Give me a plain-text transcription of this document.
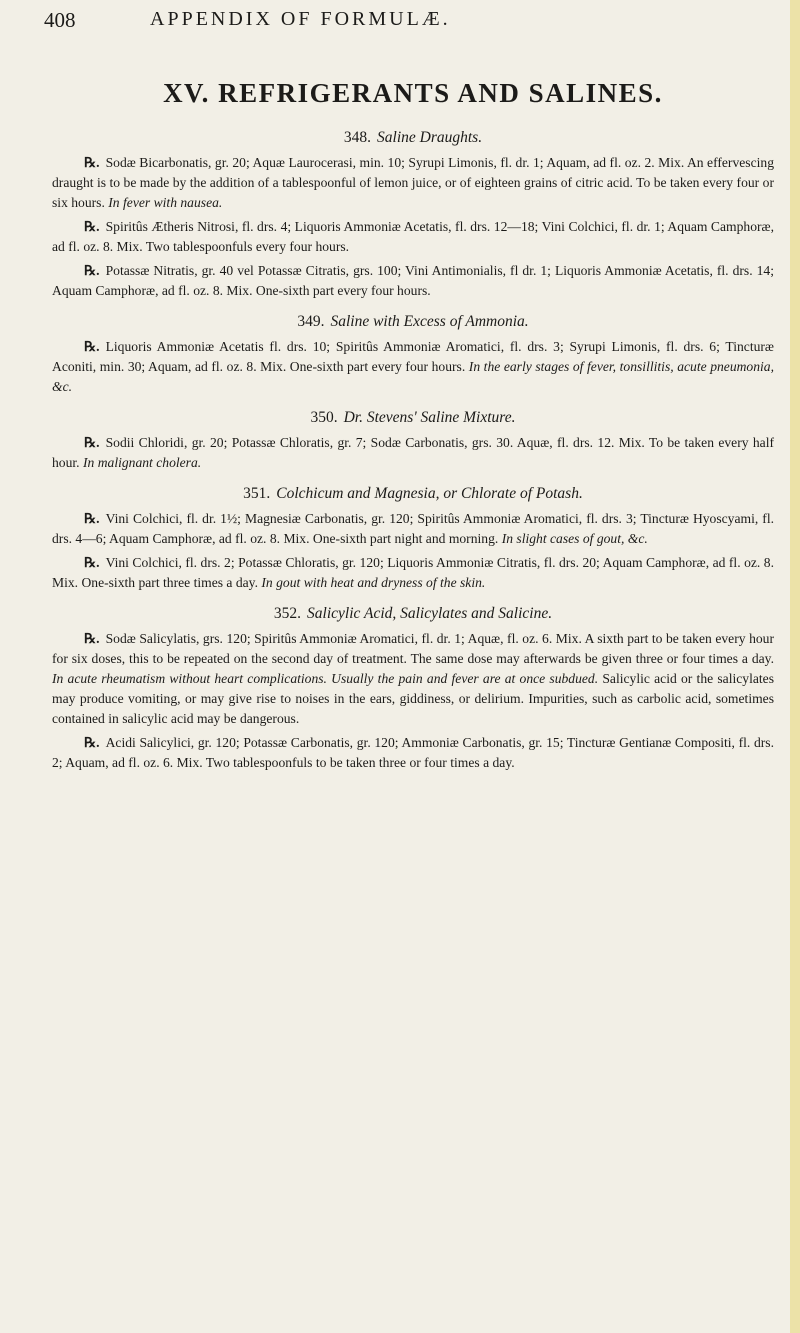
408	APPENDIX OF FORMULÆ.
XV. REFRIGERANTS AND SALINES.
348. Saline Draughts.

℞. Sodæ Bicarbonatis, gr. 20; Aquæ Laurocerasi, min. 10; Syrupi Limonis, fl. dr. 1; Aquam, ad fl. oz. 2. Mix. An effervescing draught is to be made by the addition of a tablespoonful of lemon juice, or of eighteen grains of citric acid. To be taken every four or six hours. In fever with nausea.

℞. Spiritûs Ætheris Nitrosi, fl. drs. 4; Liquoris Ammoniæ Acetatis, fl. drs. 12—18; Vini Colchici, fl. dr. 1; Aquam Camphoræ, ad fl. oz. 8. Mix. Two tablespoonfuls every four hours.

℞. Potassæ Nitratis, gr. 40 vel Potassæ Citratis, grs. 100; Vini Antimonialis, fl dr. 1; Liquoris Ammoniæ Acetatis, fl. drs. 14; Aquam Camphoræ, ad fl. oz. 8. Mix. One-sixth part every four hours.

349. Saline with Excess of Ammonia.

℞. Liquoris Ammoniæ Acetatis fl. drs. 10; Spiritûs Ammoniæ Aromatici, fl. drs. 3; Syrupi Limonis, fl. drs. 6; Tincturæ Aconiti, min. 30; Aquam, ad fl. oz. 8. Mix. One-sixth part every four hours. In the early stages of fever, tonsillitis, acute pneumonia, &c.

350. Dr. Stevens' Saline Mixture.

℞. Sodii Chloridi, gr. 20; Potassæ Chloratis, gr. 7; Sodæ Carbonatis, grs. 30. Aquæ, fl. drs. 12. Mix. To be taken every half hour. In malignant cholera.

351. Colchicum and Magnesia, or Chlorate of Potash.

℞. Vini Colchici, fl. dr. 1½; Magnesiæ Carbonatis, gr. 120; Spiritûs Ammoniæ Aromatici, fl. drs. 3; Tincturæ Hyoscyami, fl. drs. 4—6; Aquam Camphoræ, ad fl. oz. 8. Mix. One-sixth part night and morning. In slight cases of gout, &c.

℞. Vini Colchici, fl. drs. 2; Potassæ Chloratis, gr. 120; Liquoris Ammoniæ Citratis, fl. drs. 20; Aquam Camphoræ, ad fl. oz. 8. Mix. One-sixth part three times a day. In gout with heat and dryness of the skin.

352. Salicylic Acid, Salicylates and Salicine.

℞. Sodæ Salicylatis, grs. 120; Spiritûs Ammoniæ Aromatici, fl. dr. 1; Aquæ, fl. oz. 6. Mix. A sixth part to be taken every hour for six doses, this to be repeated on the second day of treatment. The same dose may afterwards be given three or four times a day. In acute rheumatism without heart complications. Usually the pain and fever are at once subdued. Salicylic acid or the salicylates may produce vomiting, or may give rise to noises in the ears, giddiness, or delirium. Impurities, such as carbolic acid, sometimes contained in salicylic acid may be dangerous.

℞. Acidi Salicylici, gr. 120; Potassæ Carbonatis, gr. 120; Ammoniæ Carbonatis, gr. 15; Tincturæ Gentianæ Compositi, fl. drs. 2; Aquam, ad fl. oz. 6. Mix. Two tablespoonfuls to be taken three or four times a day.
